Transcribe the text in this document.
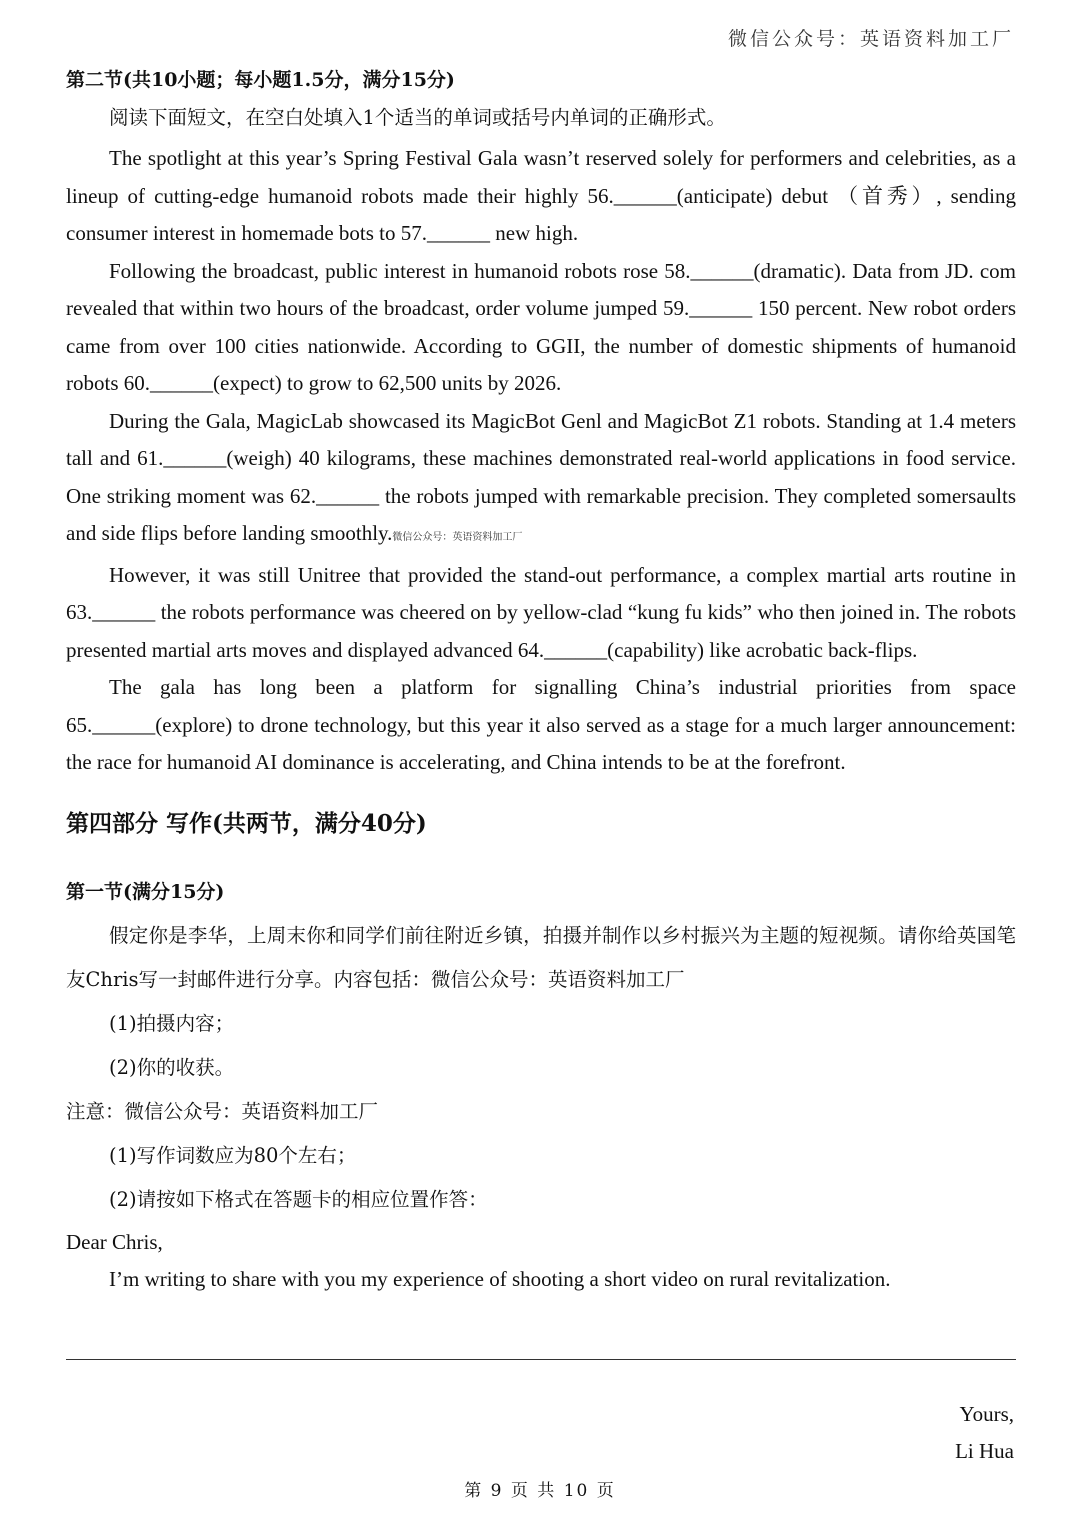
微信公众号：英语资料加工厂

第二节(共10小题；每小题1.5分，满分15分)

阅读下面短文，在空白处填入1个适当的单词或括号内单词的正确形式。

The spotlight at this year’s Spring Festival Gala wasn’t reserved solely for performers and celebrities, as a lineup of cutting-edge humanoid robots made their highly 56.______(anticipate) debut （首秀）, sending consumer interest in homemade bots to 57.______ new high.

Following the broadcast, public interest in humanoid robots rose 58.______(dramatic). Data from JD. com revealed that within two hours of the broadcast, order volume jumped 59.______ 150 percent. New robot orders came from over 100 cities nationwide. According to GGII, the number of domestic shipments of humanoid robots 60.______(expect) to grow to 62,500 units by 2026.

During the Gala, MagicLab showcased its MagicBot Genl and MagicBot Z1 robots. Standing at 1.4 meters tall and 61.______(weigh) 40 kilograms, these machines demonstrated real-world applications in food service. One striking moment was 62.______ the robots jumped with remarkable precision. They completed somersaults and side flips before landing smoothly.微信公众号：英语资料加工厂

However, it was still Unitree that provided the stand-out performance, a complex martial arts routine in 63.______ the robots performance was cheered on by yellow-clad “kung fu kids” who then joined in. The robots presented martial arts moves and displayed advanced 64.______(capability) like acrobatic back-flips.

The gala has long been a platform for signalling China’s industrial priorities from space 65.______(explore) to drone technology, but this year it also served as a stage for a much larger announcement: the race for humanoid AI dominance is accelerating, and China intends to be at the forefront.

第四部分 写作(共两节，满分40分)

第一节(满分15分)

假定你是李华，上周末你和同学们前往附近乡镇，拍摄并制作以乡村振兴为主题的短视频。请你给英国笔友Chris写一封邮件进行分享。内容包括：微信公众号：英语资料加工厂

(1)拍摄内容；

(2)你的收获。

注意：微信公众号：英语资料加工厂

(1)写作词数应为80个左右；

(2)请按如下格式在答题卡的相应位置作答：

Dear Chris,

I’m writing to share with you my experience of shooting a short video on rural revitalization.

Yours,
Li Hua
第 9 页 共 10 页
